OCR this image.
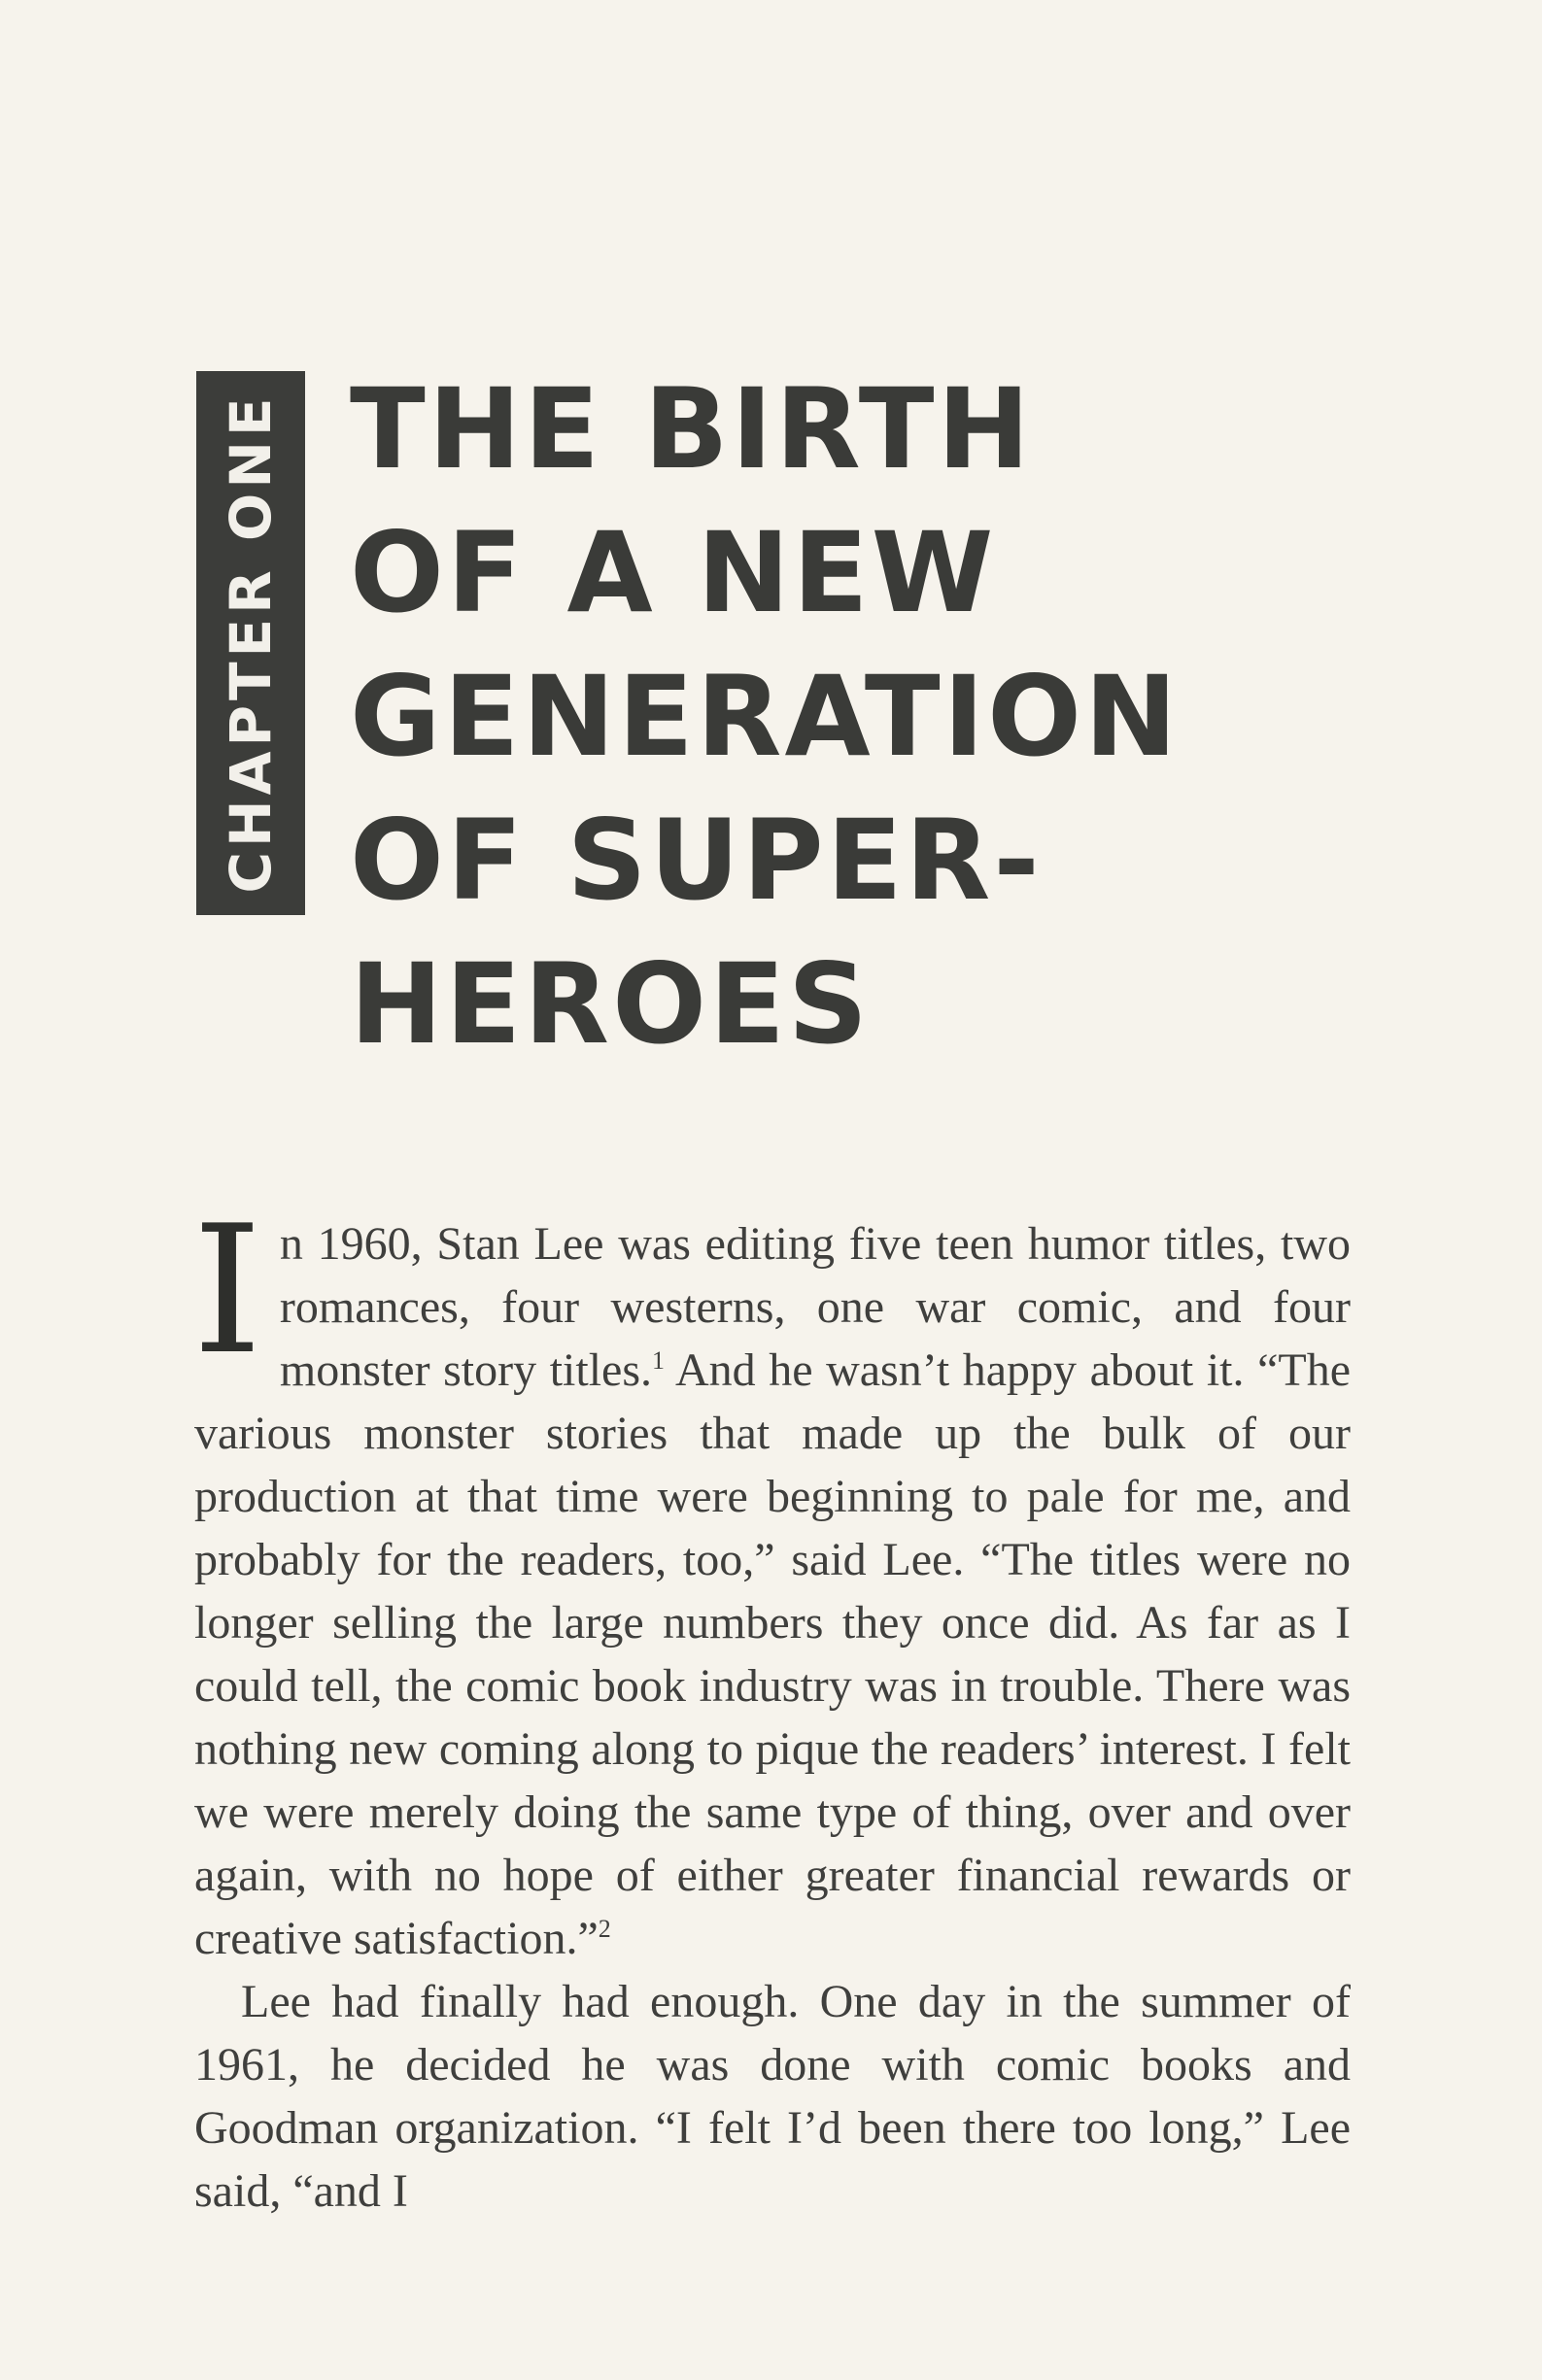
CHAPTER ONE THE BIRTH
OF A NEW
GENERATION
OF SUPER-
HEROES

In 1960, Stan Lee was editing five teen humor titles, two romances, four westerns, one war comic, and four monster story titles.$^1$ And he wasn’t happy about it. “The various monster stories that made up the bulk of our production at that time were beginning to pale for me, and probably for the readers, too,” said Lee. “The titles were no longer selling the large numbers they once did. As far as I could tell, the comic book industry was in trouble. There was nothing new coming along to pique the readers’ interest. I felt we were merely doing the same type of thing, over and over again, with no hope of either greater financial rewards or creative satisfaction.”$^2$

Lee had finally had enough. One day in the summer of 1961, he decided he was done with comic books and Goodman organization. “I felt I’d been there too long,” Lee said, “and I
